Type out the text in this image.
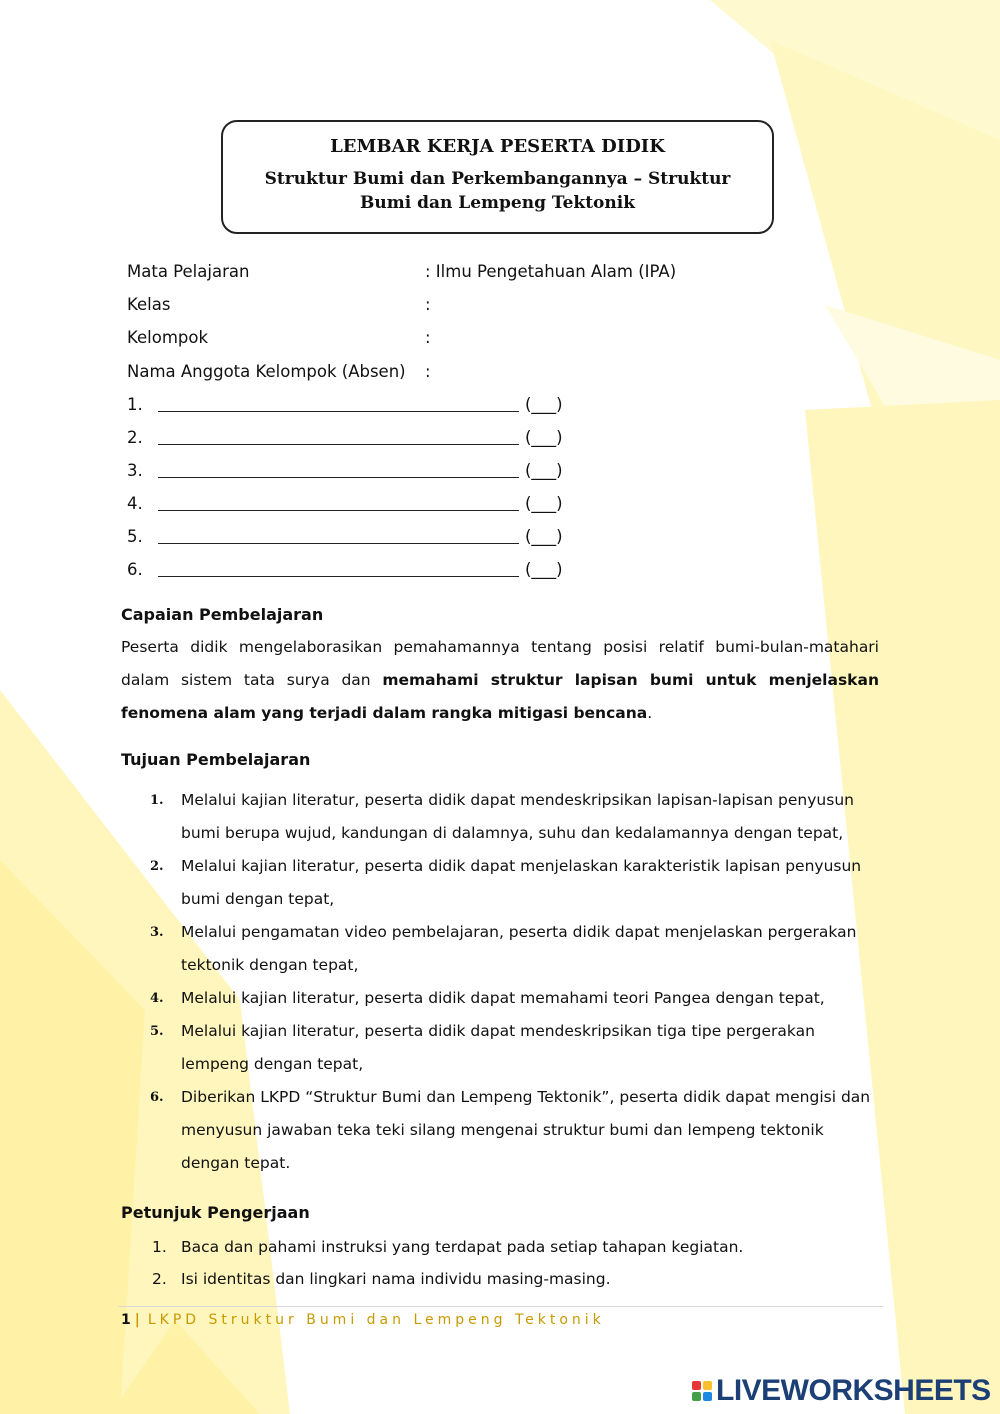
LEMBAR KERJA PESERTA DIDIK
Struktur Bumi dan Perkembangannya – Struktur Bumi dan Lempeng Tektonik
Mata Pelajaran	: Ilmu Pengetahuan Alam (IPA)
Kelas	:
Kelompok	:
Nama Anggota Kelompok (Absen) :
1.	(___)
2.	(___)
3.	(___)
4.	(___)
5.	(___)
6.	(___)
Capaian Pembelajaran
Peserta didik mengelaborasikan pemahamannya tentang posisi relatif bumi-bulan-matahari
dalam sistem tata surya dan memahami struktur lapisan bumi untuk menjelaskan fenomena alam yang terjadi dalam rangka mitigasi bencana.
Tujuan Pembelajaran
1. Melalui kajian literatur, peserta didik dapat mendeskripsikan lapisan-lapisan penyusun bumi berupa wujud, kandungan di dalamnya, suhu dan kedalamannya dengan tepat,
2. Melalui kajian literatur, peserta didik dapat menjelaskan karakteristik lapisan penyusun bumi dengan tepat,
3. Melalui pengamatan video pembelajaran, peserta didik dapat menjelaskan pergerakan tektonik dengan tepat,
4. Melalui kajian literatur, peserta didik dapat memahami teori Pangea dengan tepat,
5. Melalui kajian literatur, peserta didik dapat mendeskripsikan tiga tipe pergerakan lempeng dengan tepat,
6. Diberikan LKPD “Struktur Bumi dan Lempeng Tektonik”, peserta didik dapat mengisi dan menyusun jawaban teka teki silang mengenai struktur bumi dan lempeng tektonik dengan tepat.
Petunjuk Pengerjaan
1. Baca dan pahami instruksi yang terdapat pada setiap tahapan kegiatan.
2. Isi identitas dan lingkari nama individu masing-masing.
1 | LKPD Struktur Bumi dan Lempeng Tektonik
LIVEWORKSHEETS
